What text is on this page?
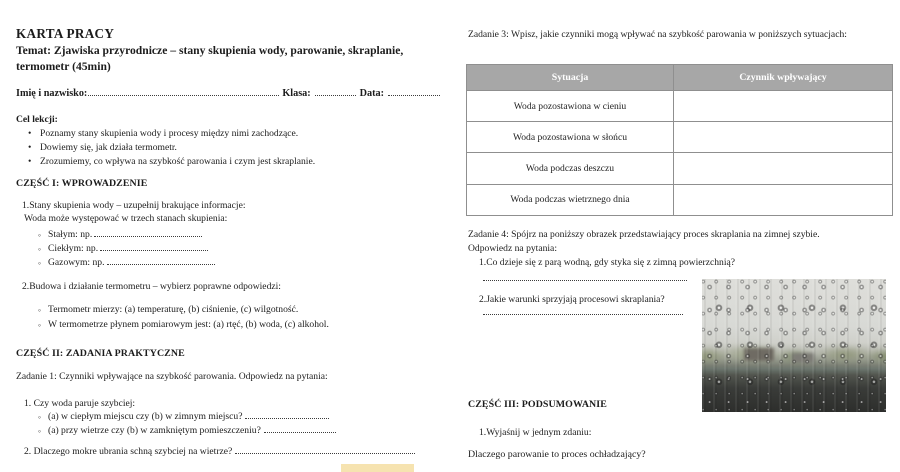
KARTA PRACY
Temat: Zjawiska przyrodnicze – stany skupienia wody, parowanie, skraplanie, termometr (45min)
Imię i nazwisko:	Klasa:	Data:
Cel lekcji:
• Poznamy stany skupienia wody i procesy między nimi zachodzące.
• Dowiemy się, jak działa termometr.
• Zrozumiemy, co wpływa na szybkość parowania i czym jest skraplanie.
CZĘŚĆ I: WPROWADZENIE
1.Stany skupienia wody – uzupełnij brakujące informacje:
Woda może występować w trzech stanach skupienia:
◦ Stałym: np.
◦ Ciekłym: np.
◦ Gazowym: np.
2.Budowa i działanie termometru – wybierz poprawne odpowiedzi:
◦ Termometr mierzy: (a) temperaturę, (b) ciśnienie, (c) wilgotność.
◦ W termometrze płynem pomiarowym jest: (a) rtęć, (b) woda, (c) alkohol.
CZĘŚĆ II: ZADANIA PRAKTYCZNE
Zadanie 1: Czynniki wpływające na szybkość parowania. Odpowiedz na pytania:
1. Czy woda paruje szybciej:
◦ (a) w ciepłym miejscu czy (b) w zimnym miejscu?
◦ (a) przy wietrze czy (b) w zamkniętym pomieszczeniu?
2. Dlaczego mokre ubrania schną szybciej na wietrze?
Zadanie 3: Wpisz, jakie czynniki mogą wpływać na szybkość parowania w poniższych sytuacjach:
Sytuacja	Czynnik wpływający
Woda pozostawiona w cieniu	
Woda pozostawiona w słońcu	
Woda podczas deszczu	
Woda podczas wietrznego dnia	
Zadanie 4: Spójrz na poniższy obrazek przedstawiający proces skraplania na zimnej szybie.
Odpowiedz na pytania:
1.Co dzieje się z parą wodną, gdy styka się z zimną powierzchnią?
2.Jakie warunki sprzyjają procesowi skraplania?
CZĘŚĆ III: PODSUMOWANIE
1.Wyjaśnij w jednym zdaniu:
Dlaczego parowanie to proces ochładzający?
